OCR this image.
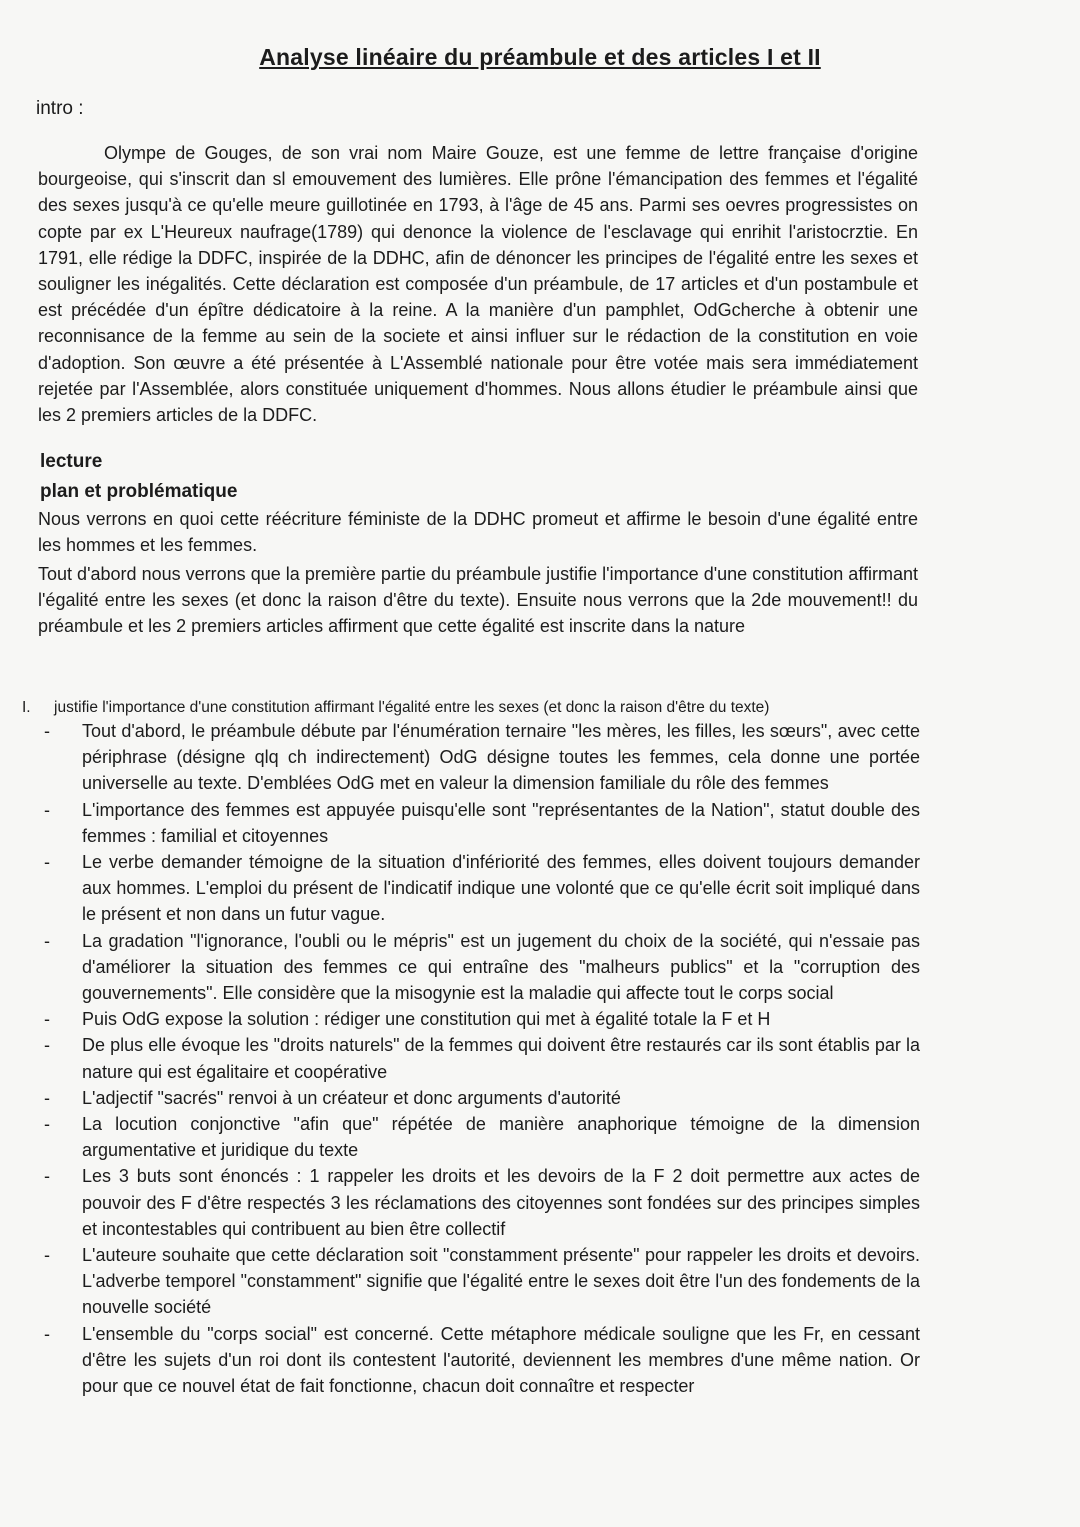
Analyse linéaire du préambule et des articles I et II
intro :
Olympe de Gouges, de son vrai nom Maire Gouze, est une femme de lettre française d'origine bourgeoise, qui s'inscrit dan sl emouvement des lumières. Elle prône l'émancipation des femmes et l'égalité des sexes jusqu'à ce qu'elle meure guillotinée en 1793, à l'âge de 45 ans. Parmi ses oevres progressistes on copte par ex L'Heureux naufrage(1789) qui denonce la violence de l'esclavage qui enrihit l'aristocrztie. En 1791, elle rédige la DDFC, inspirée de la DDHC, afin de dénoncer les principes de l'égalité entre les sexes et souligner les inégalités. Cette déclaration est composée d'un préambule, de 17 articles et d'un postambule et est précédée d'un épître dédicatoire à la reine. A la manière d'un pamphlet, OdGcherche à obtenir une reconnisance de la femme au sein de la societe et ainsi influer sur le rédaction de la constitution en voie d'adoption. Son œuvre a été présentée à L'Assemblé nationale pour être votée mais sera immédiatement rejetée par l'Assemblée, alors constituée uniquement d'hommes. Nous allons étudier le préambule ainsi que les 2 premiers articles de la DDFC.
lecture
plan et problématique
Nous verrons en quoi cette réécriture féministe de la DDHC promeut et affirme le besoin d'une égalité entre les hommes et les femmes.
Tout d'abord nous verrons que la première partie du préambule justifie l'importance d'une constitution affirmant l'égalité entre les sexes (et donc la raison d'être du texte). Ensuite nous verrons que la 2de mouvement!! du préambule et les 2 premiers articles affirment que cette égalité est inscrite dans la nature
I. justifie l'importance d'une constitution affirmant l'égalité entre les sexes (et donc la raison d'être du texte)
- Tout d'abord, le préambule débute par l'énumération ternaire "les mères, les filles, les sœurs", avec cette périphrase (désigne qlq ch indirectement) OdG désigne toutes les femmes, cela donne une portée universelle au texte. D'emblées OdG met en valeur la dimension familiale du rôle des femmes
- L'importance des femmes est appuyée puisqu'elle sont "représentantes de la Nation", statut double des femmes : familial et citoyennes
- Le verbe demander témoigne de la situation d'infériorité des femmes, elles doivent toujours demander aux hommes. L'emploi du présent de l'indicatif indique une volonté que ce qu'elle écrit soit impliqué dans le présent et non dans un futur vague.
- La gradation "l'ignorance, l'oubli ou le mépris" est un jugement du choix de la société, qui n'essaie pas d'améliorer la situation des femmes ce qui entraîne des "malheurs publics" et la "corruption des gouvernements". Elle considère que la misogynie est la maladie qui affecte tout le corps social
- Puis OdG expose la solution : rédiger une constitution qui met à égalité totale la F et H
- De plus elle évoque les "droits naturels" de la femmes qui doivent être restaurés car ils sont établis par la nature qui est égalitaire et coopérative
- L'adjectif "sacrés" renvoi à un créateur et donc arguments d'autorité
- La locution conjonctive "afin que" répétée de manière anaphorique témoigne de la dimension argumentative et juridique du texte
- Les 3 buts sont énoncés : 1 rappeler les droits et les devoirs de la F 2 doit permettre aux actes de pouvoir des F d'être respectés 3 les réclamations des citoyennes sont fondées sur des principes simples et incontestables qui contribuent au bien être collectif
- L'auteure souhaite que cette déclaration soit "constamment présente" pour rappeler les droits et devoirs. L'adverbe temporel "constamment" signifie que l'égalité entre le sexes doit être l'un des fondements de la nouvelle société
- L'ensemble du "corps social" est concerné. Cette métaphore médicale souligne que les Fr, en cessant d'être les sujets d'un roi dont ils contestent l'autorité, deviennent les membres d'une même nation. Or pour que ce nouvel état de fait fonctionne, chacun doit connaître et respecter
